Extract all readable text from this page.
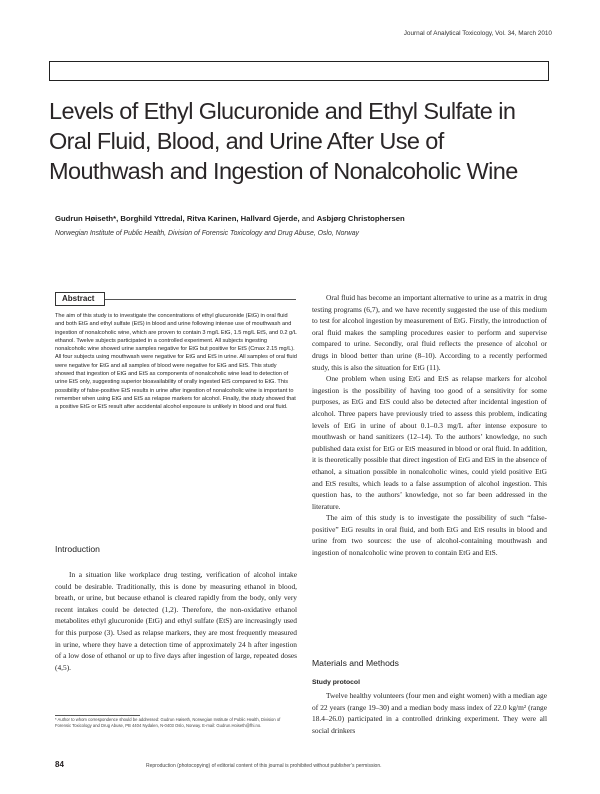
Journal of Analytical Toxicology, Vol. 34, March 2010
Levels of Ethyl Glucuronide and Ethyl Sulfate in Oral Fluid, Blood, and Urine After Use of Mouthwash and Ingestion of Nonalcoholic Wine
Gudrun Høiseth*, Borghild Yttredal, Ritva Karinen, Hallvard Gjerde, and Asbjørg Christophersen
Norwegian Institute of Public Health, Division of Forensic Toxicology and Drug Abuse, Oslo, Norway
Abstract

The aim of this study is to investigate the concentrations of ethyl glucuronide (EtG) in oral fluid and both EtG and ethyl sulfate (EtS) in blood and urine following intense use of mouthwash and ingestion of nonalcoholic wine, which are proven to contain 3 mg/L EtG, 1.5 mg/L EtS, and 0.2 g/L ethanol. Twelve subjects participated in a controlled experiment. All subjects ingesting nonalcoholic wine showed urine samples negative for EtG but positive for EtS (Cmax 2.15 mg/L). All four subjects using mouthwash were negative for EtG and EtS in urine. All samples of oral fluid were negative for EtG and all samples of blood were negative for EtG and EtS. This study showed that ingestion of EtG and EtS as components of nonalcoholic wine lead to detection of urine EtS only, suggesting superior bioavailability of orally ingested EtS compared to EtG. This possibility of false-positive EtS results in urine after ingestion of nonalcoholic wine is important to remember when using EtG and EtS as relapse markers for alcohol. Finally, the study showed that a positive EtG or EtS result after accidental alcohol exposure is unlikely in blood and oral fluid.

Introduction
In a situation like workplace drug testing, verification of alcohol intake could be desirable. Traditionally, this is done by measuring ethanol in blood, breath, or urine, but because ethanol is cleared rapidly from the body, only very recent intakes could be detected (1,2). Therefore, the non-oxidative ethanol metabolites ethyl glucuronide (EtG) and ethyl sulfate (EtS) are increasingly used for this purpose (3). Used as relapse markers, they are most frequently measured in urine, where they have a detection time of approximately 24 h after ingestion of a low dose of ethanol or up to five days after ingestion of large, repeated doses (4,5).
Oral fluid has become an important alternative to urine as a matrix in drug testing programs (6,7), and we have recently suggested the use of this medium to test for alcohol ingestion by measurement of EtG. Firstly, the introduction of oral fluid makes the sampling procedures easier to perform and supervise compared to urine. Secondly, oral fluid reflects the presence of alcohol or drugs in blood better than urine (8–10). According to a recently performed study, this is also the situation for EtG (11).
One problem when using EtG and EtS as relapse markers for alcohol ingestion is the possibility of having too good of a sensitivity for some purposes, as EtG and EtS could also be detected after incidental ingestion of alcohol. Three papers have previously tried to assess this problem, indicating levels of EtG in urine of about 0.1–0.3 mg/L after intense exposure to mouthwash or hand sanitizers (12–14). To the authors’ knowledge, no such published data exist for EtG or EtS measured in blood or oral fluid. In addition, it is theoretically possible that direct ingestion of EtG and EtS in the absence of ethanol, a situation possible in nonalcoholic wines, could yield positive EtG and EtS results, which leads to a false assumption of alcohol ingestion. This question has, to the authors’ knowledge, not so far been addressed in the literature.
The aim of this study is to investigate the possibility of such “false-positive” EtG results in oral fluid, and both EtG and EtS results in blood and urine from two sources: the use of alcohol-containing mouthwash and ingestion of nonalcoholic wine proven to contain EtG and EtS.
Materials and Methods
Study protocol
Twelve healthy volunteers (four men and eight women) with a median age of 22 years (range 19–30) and a median body mass index of 22.0 kg/m² (range 18.4–26.0) participated in a controlled drinking experiment. They were all social drinkers

* Author to whom correspondence should be addressed: Gudrun Høiseth, Norwegian Institute of Public Health, Division of Forensic Toxicology and Drug Abuse, PB 4404 Nydalen, N-0403 Oslo, Norway. E-mail: Gudrun.Hoiseth@fhi.no.

84	Reproduction (photocopying) of editorial content of this journal is prohibited without publisher’s permission.
